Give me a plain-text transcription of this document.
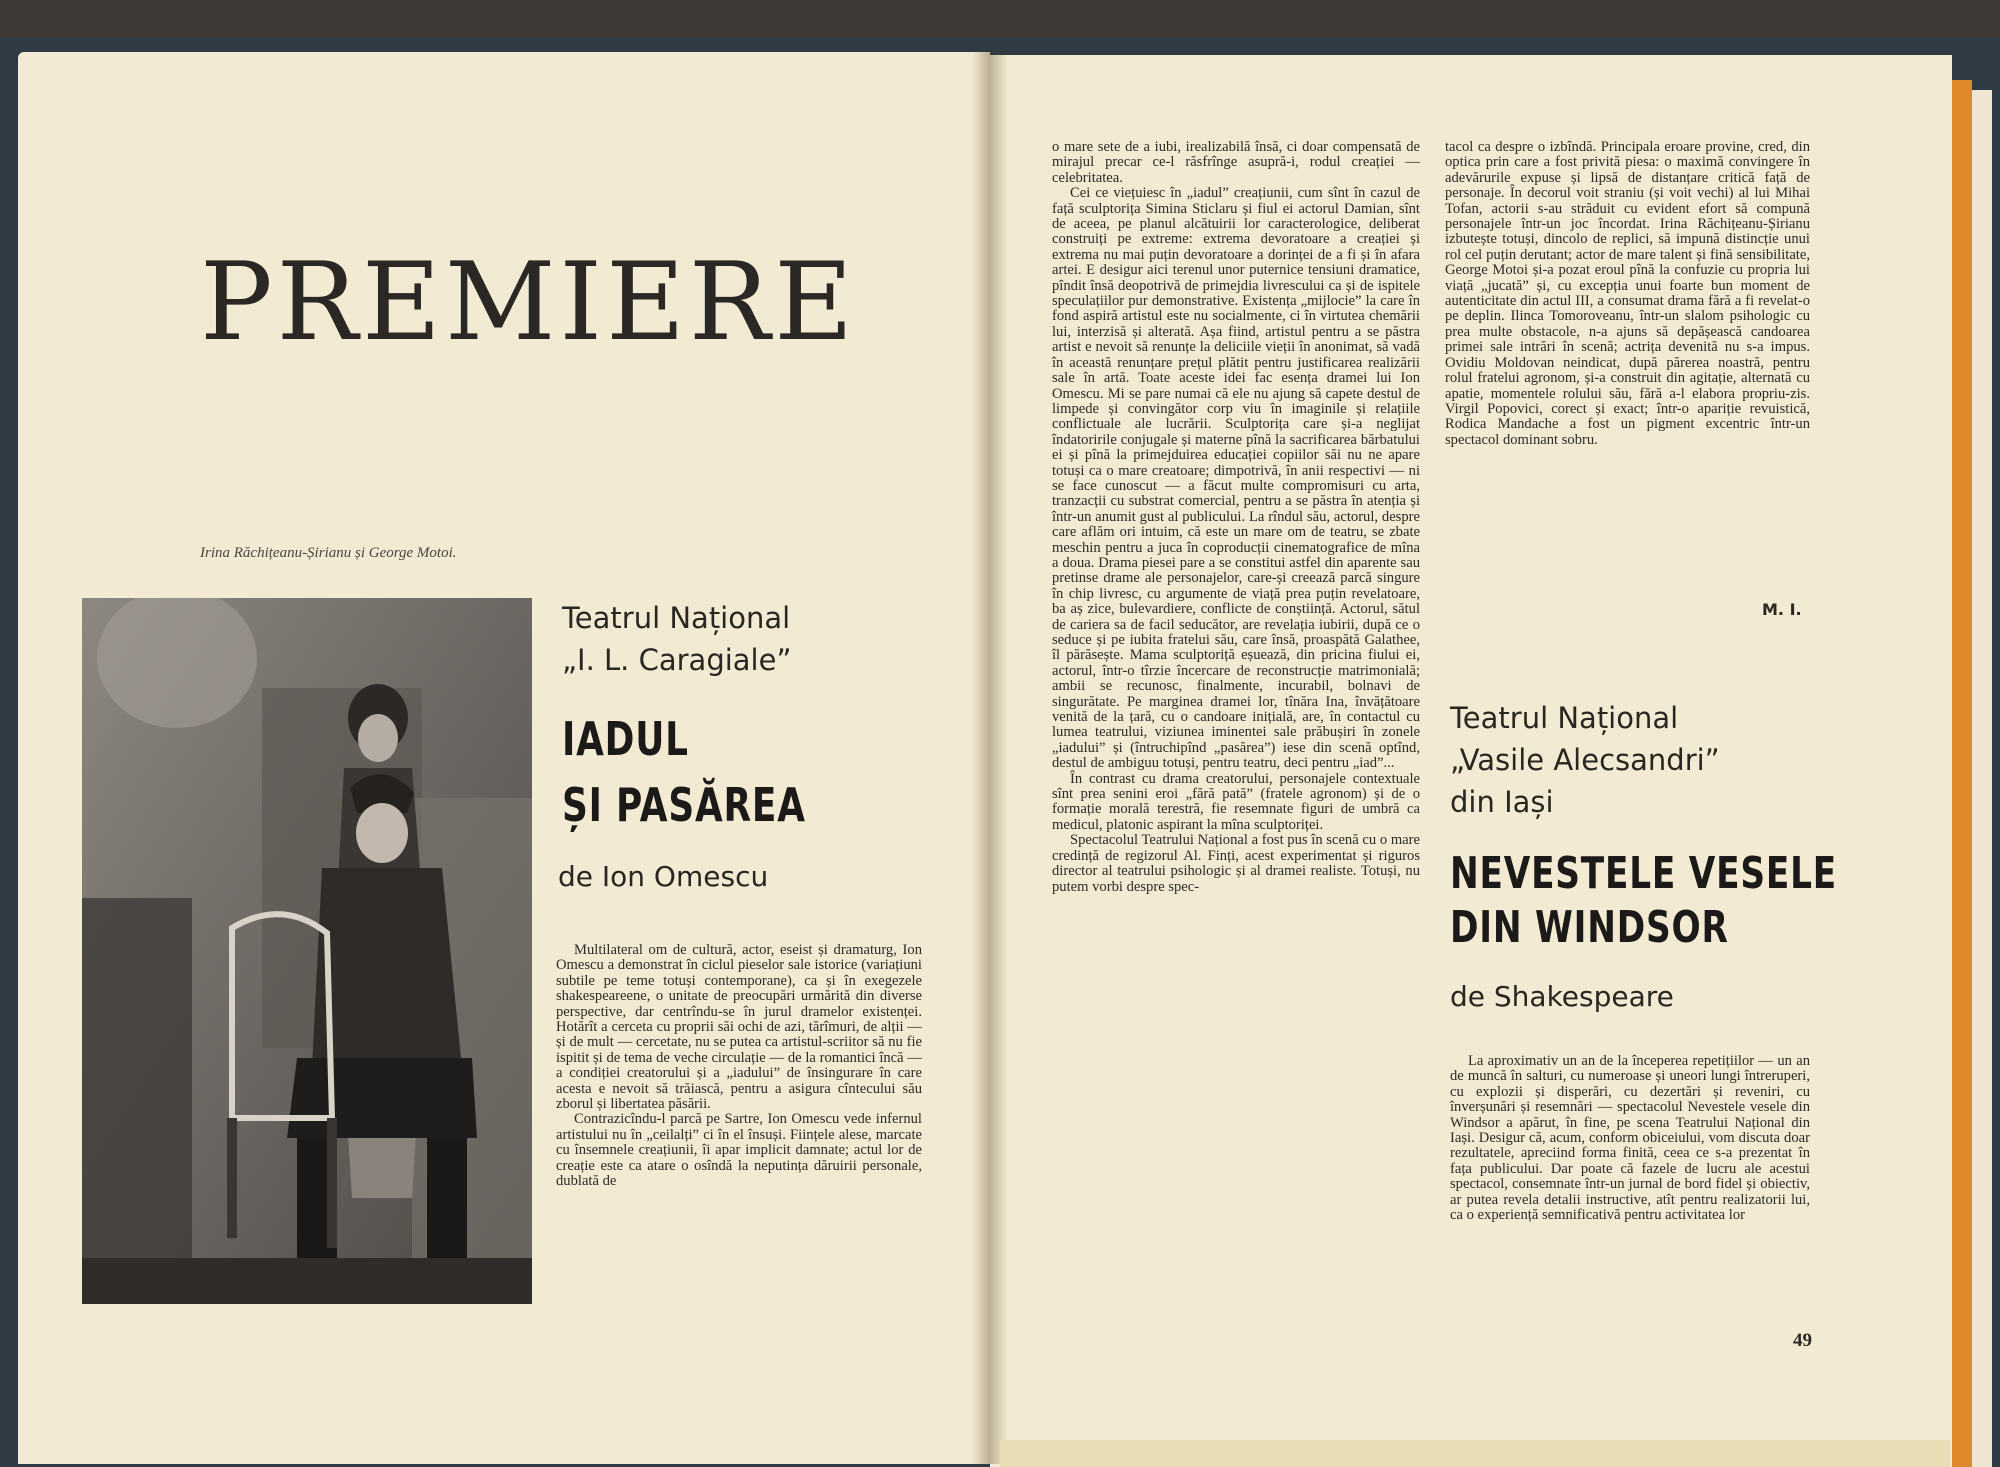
PREMIERE
Irina Răchițeanu-Șirianu și George Motoi.
Teatrul Național
„I. L. Caragiale”
IADUL
ȘI PASĂREA
de Ion Omescu

Multilateral om de cultură, actor, eseist și dramaturg, Ion Omescu a demonstrat în ciclul pieselor sale istorice (variațiuni subtile pe teme totuși contemporane), ca și în exegezele shakespeareene, o unitate de preocupări urmărită din diverse perspective, dar centrîndu-se în jurul dramelor existenței. Hotărît a cerceta cu proprii săi ochi de azi, tărîmuri, de alții — și de mult — cercetate, nu se putea ca artistul-scriitor să nu fie ispitit și de tema de veche circulație — de la romantici încă — a condiției creatorului și a „iadului” de însingurare în care acesta e nevoit să trăiască, pentru a asigura cîntecului său zborul și libertatea păsării.

Contrazicîndu-l parcă pe Sartre, Ion Omescu vede infernul artistului nu în „ceilalți” ci în el însuși. Ființele alese, marcate cu însemnele creațiunii, îi apar implicit damnate; actul lor de creație este ca atare o osîndă la neputința dăruirii personale, dublată de

o mare sete de a iubi, irealizabilă însă, ci doar compensată de mirajul precar ce-l răsfrînge asupră-i, rodul creației — celebritatea.

Cei ce viețuiesc în „iadul” creațiunii, cum sînt în cazul de față sculptorița Simina Sticlaru și fiul ei actorul Damian, sînt de aceea, pe planul alcătuirii lor caracterologice, deliberat construiți pe extreme: extrema devoratoare a creației și extrema nu mai puțin devoratoare a dorinței de a fi și în afara artei. E desigur aici terenul unor puternice tensiuni dramatice, pîndit însă deopotrivă de primejdia livrescului ca și de ispitele speculațiilor pur demonstrative. Existența „mijlocie” la care în fond aspiră artistul este nu socialmente, ci în virtutea chemării lui, interzisă și alterată. Așa fiind, artistul pentru a se păstra artist e nevoit să renunțe la deliciile vieții în anonimat, să vadă în această renunțare prețul plătit pentru justificarea realizării sale în artă. Toate aceste idei fac esența dramei lui Ion Omescu. Mi se pare numai că ele nu ajung să capete destul de limpede și convingător corp viu în imaginile și relațiile conflictuale ale lucrării. Sculptorița care și-a neglijat îndatoririle conjugale și materne pînă la sacrificarea bărbatului ei și pînă la primejduirea educației copiilor săi nu ne apare totuși ca o mare creatoare; dimpotrivă, în anii respectivi — ni se face cunoscut — a făcut multe compromisuri cu arta, tranzacții cu substrat comercial, pentru a se păstra în atenția și într-un anumit gust al publicului. La rîndul său, actorul, despre care aflăm ori intuim, că este un mare om de teatru, se zbate meschin pentru a juca în coproducții cinematografice de mîna a doua. Drama piesei pare a se constitui astfel din aparente sau pretinse drame ale personajelor, care-și creează parcă singure în chip livresc, cu argumente de viață prea puțin revelatoare, ba aș zice, bulevardiere, conflicte de conștiință. Actorul, sătul de cariera sa de facil seducător, are revelația iubirii, după ce o seduce și pe iubita fratelui său, care însă, proaspătă Galathee, îl părăsește. Mama sculptoriță eșuează, din pricina fiului ei, actorul, într-o tîrzie încercare de reconstrucție matrimonială; ambii se recunosc, finalmente, incurabil, bolnavi de singurătate. Pe marginea dramei lor, tînăra Ina, învățătoare venită de la țară, cu o candoare inițială, are, în contactul cu lumea teatrului, viziunea iminentei sale prăbușiri în zonele „iadului” și (întruchipînd „pasărea”) iese din scenă optînd, destul de ambiguu totuși, pentru teatru, deci pentru „iad”...

În contrast cu drama creatorului, personajele contextuale sînt prea senini eroi „fără pată” (fratele agronom) și de o formație morală terestră, fie resemnate figuri de umbră ca medicul, platonic aspirant la mîna sculptoriței.

Spectacolul Teatrului Național a fost pus în scenă cu o mare credință de regizorul Al. Finți, acest experimentat și riguros director al teatrului psihologic și al dramei realiste. Totuși, nu putem vorbi despre spec-

tacol ca despre o izbîndă. Principala eroare provine, cred, din optica prin care a fost privită piesa: o maximă convingere în adevărurile expuse și lipsă de distanțare critică față de personaje. În decorul voit straniu (și voit vechi) al lui Mihai Tofan, actorii s-au străduit cu evident efort să compună personajele într-un joc încordat. Irina Răchițeanu-Șirianu izbutește totuși, dincolo de replici, să impună distincție unui rol cel puțin derutant; actor de mare talent și fină sensibilitate, George Motoi și-a pozat eroul pînă la confuzie cu propria lui viață „jucată” și, cu excepția unui foarte bun moment de autenticitate din actul III, a consumat drama fără a fi revelat-o pe deplin. Ilinca Tomoroveanu, într-un slalom psihologic cu prea multe obstacole, n-a ajuns să depășească candoarea primei sale intrări în scenă; actrița devenită nu s-a impus. Ovidiu Moldovan neindicat, după părerea noastră, pentru rolul fratelui agronom, și-a construit din agitație, alternată cu apatie, momentele rolului său, fără a-l elabora propriu-zis. Virgil Popovici, corect și exact; într-o apariție revuistică, Rodica Mandache a fost un pigment excentric într-un spectacol dominant sobru.

M. I.
Teatrul Național
„Vasile Alecsandri”
din Iași
NEVESTELE VESELE
DIN WINDSOR
de Shakespeare

La aproximativ un an de la începerea repetițiilor — un an de muncă în salturi, cu numeroase și uneori lungi întreruperi, cu explozii și disperări, cu dezertări și reveniri, cu înverșunări și resemnări — spectacolul Nevestele vesele din Windsor a apărut, în fine, pe scena Teatrului Național din Iași. Desigur că, acum, conform obiceiului, vom discuta doar rezultatele, apreciind forma finită, ceea ce s-a prezentat în fața publicului. Dar poate că fazele de lucru ale acestui spectacol, consemnate într-un jurnal de bord fidel și obiectiv, ar putea revela detalii instructive, atît pentru realizatorii lui, ca o experiență semnificativă pentru activitatea lor

49
